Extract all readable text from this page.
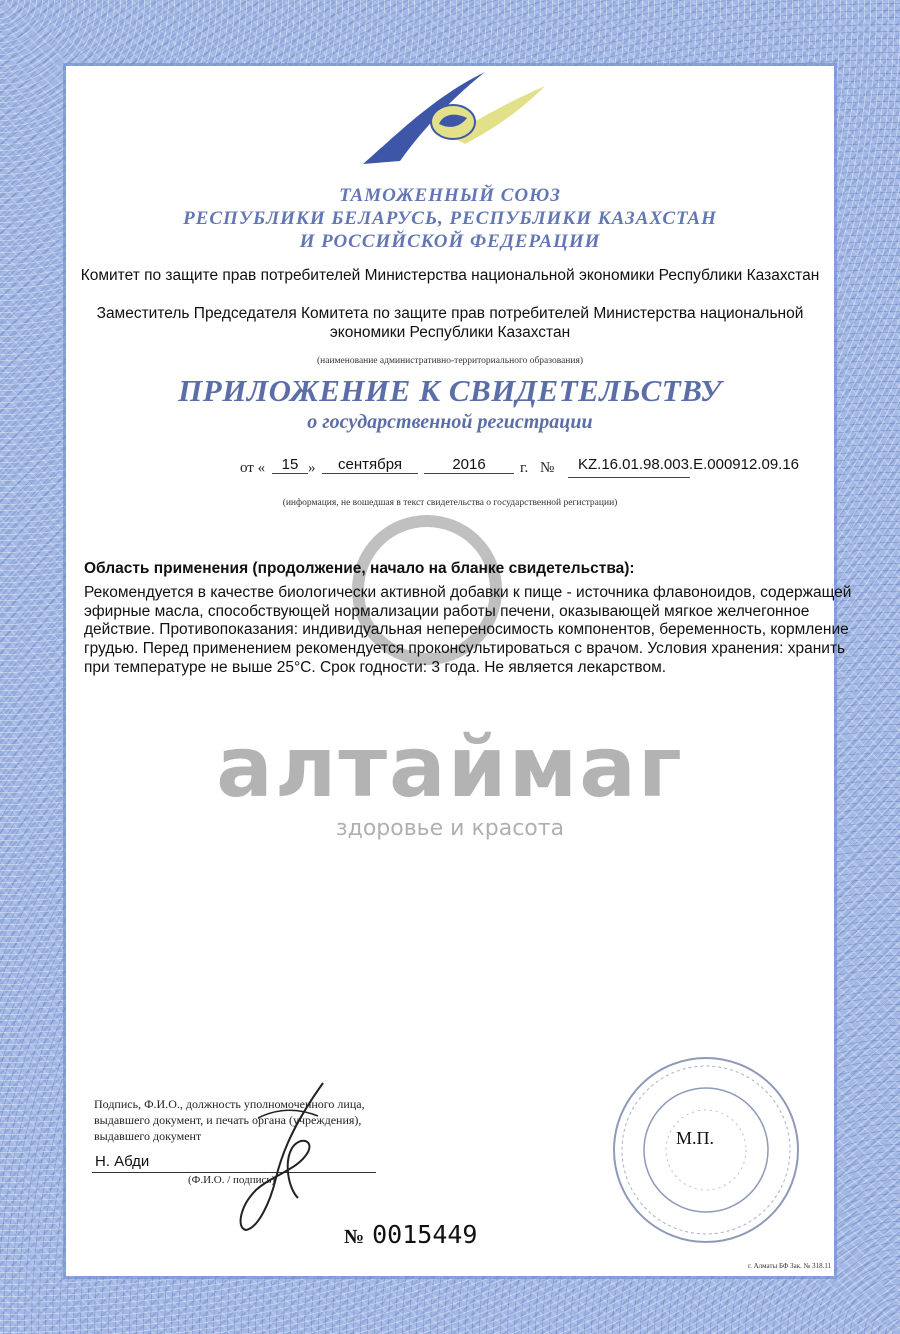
ТАМОЖЕННЫЙ СОЮЗ
РЕСПУБЛИКИ БЕЛАРУСЬ, РЕСПУБЛИКИ КАЗАХСТАН
И РОССИЙСКОЙ ФЕДЕРАЦИИ
Комитет по защите прав потребителей Министерства национальной экономики Республики Казахстан
Заместитель Председателя Комитета по защите прав потребителей Министерства национальной экономики Республики Казахстан
(наименование административно-территориального образования)
ПРИЛОЖЕНИЕ К СВИДЕТЕЛЬСТВУ
о государственной регистрации
от «	15 »	сентября	2016	г. № KZ.16.01.98.003.E.000912.09.16
(информация, не вошедшая в текст свидетельства о государственной регистрации)
Область применения (продолжение, начало на бланке свидетельства):
Рекомендуется в качестве биологически активной добавки к пище - источника флавоноидов, содержащей эфирные масла, способствующей нормализации работы печени, оказывающей мягкое желчегонное действие. Противопоказания: индивидуальная непереносимость компонентов, беременность, кормление грудью. Перед применением рекомендуется проконсультироваться с врачом. Условия хранения: хранить при температуре не выше 25°С. Срок годности: 3 года. Не является лекарством.
алтаймаг
здоровье и красота
Подпись, Ф.И.О., должность уполномоченного лица, выдавшего документ, и печать органа (учреждения), выдавшего документ
Н. Абди
(Ф.И.О. / подпись)
М.П.
№ 0015449
г. Алматы БФ Зак. № 318.11
